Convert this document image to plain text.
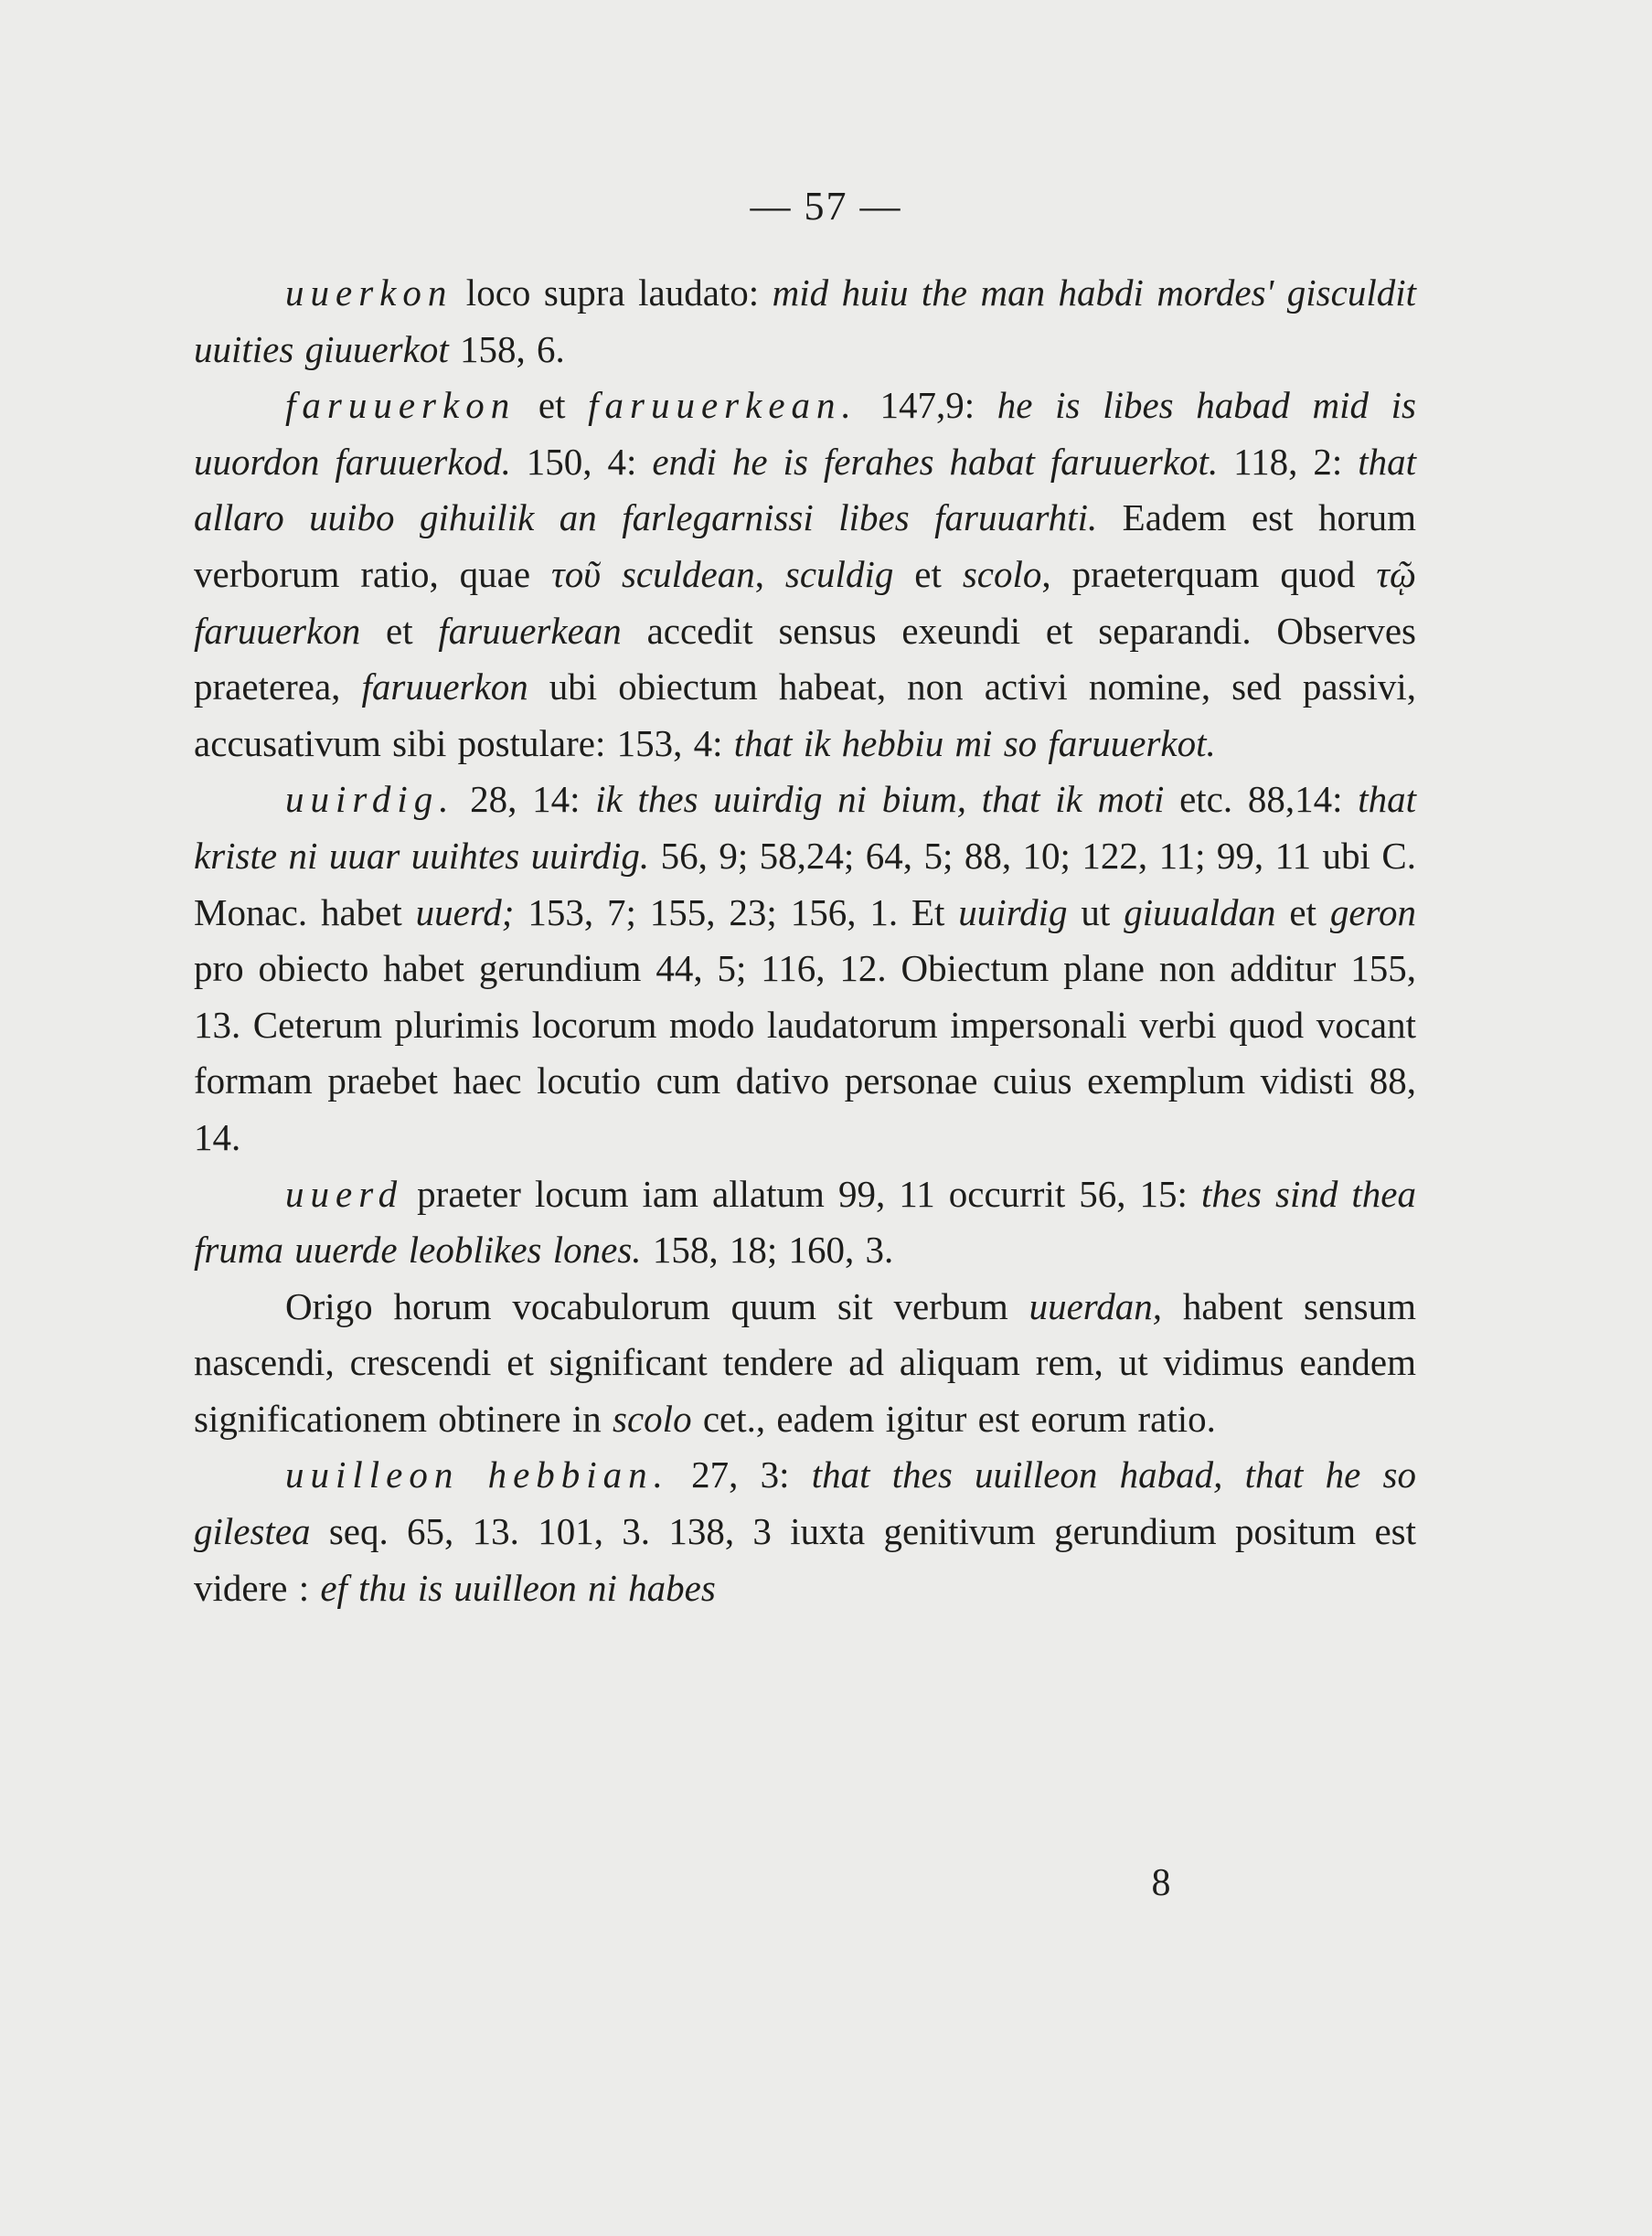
— 57 —

uuerkon loco supra laudato: mid huiu the man habdi mordes' gisculdit uuities giuuerkot 158, 6.

faruuerkon et faruuerkean. 147,9: he is libes habad mid is uuordon faruuerkod. 150, 4: endi he is ferahes habat faruuerkot. 118, 2: that allaro uuibo gihuilik an farlegarnissi libes faruuarhti. Eadem est horum verborum ratio, quae τοῦ sculdean, sculdig et scolo, praeterquam quod τῷ faruuerkon et faruuerkean accedit sensus exeundi et separandi. Observes praeterea, faruuerkon ubi obiectum habeat, non activi nomine, sed passivi, accusativum sibi postulare: 153, 4: that ik hebbiu mi so faruuerkot.

uuirdig. 28, 14: ik thes uuirdig ni bium, that ik moti etc. 88,14: that kriste ni uuar uuihtes uuirdig. 56, 9; 58,24; 64, 5; 88, 10; 122, 11; 99, 11 ubi C. Monac. habet uuerd; 153, 7; 155, 23; 156, 1. Et uuirdig ut giuualdan et geron pro obiecto habet gerundium 44, 5; 116, 12. Obiectum plane non additur 155, 13. Ceterum plurimis locorum modo laudatorum impersonali verbi quod vocant formam praebet haec locutio cum dativo personae cuius exemplum vidisti 88, 14.

uuerd praeter locum iam allatum 99, 11 occurrit 56, 15: thes sind thea fruma uuerde leoblikes lones. 158, 18; 160, 3.

Origo horum vocabulorum quum sit verbum uuerdan, habent sensum nascendi, crescendi et significant tendere ad aliquam rem, ut vidimus eandem significationem obtinere in scolo cet., eadem igitur est eorum ratio.

uuilleon hebbian. 27, 3: that thes uuilleon habad, that he so gilestea seq. 65, 13. 101, 3. 138, 3 iuxta genitivum gerundium positum est videre : ef thu is uuilleon ni habes

8
